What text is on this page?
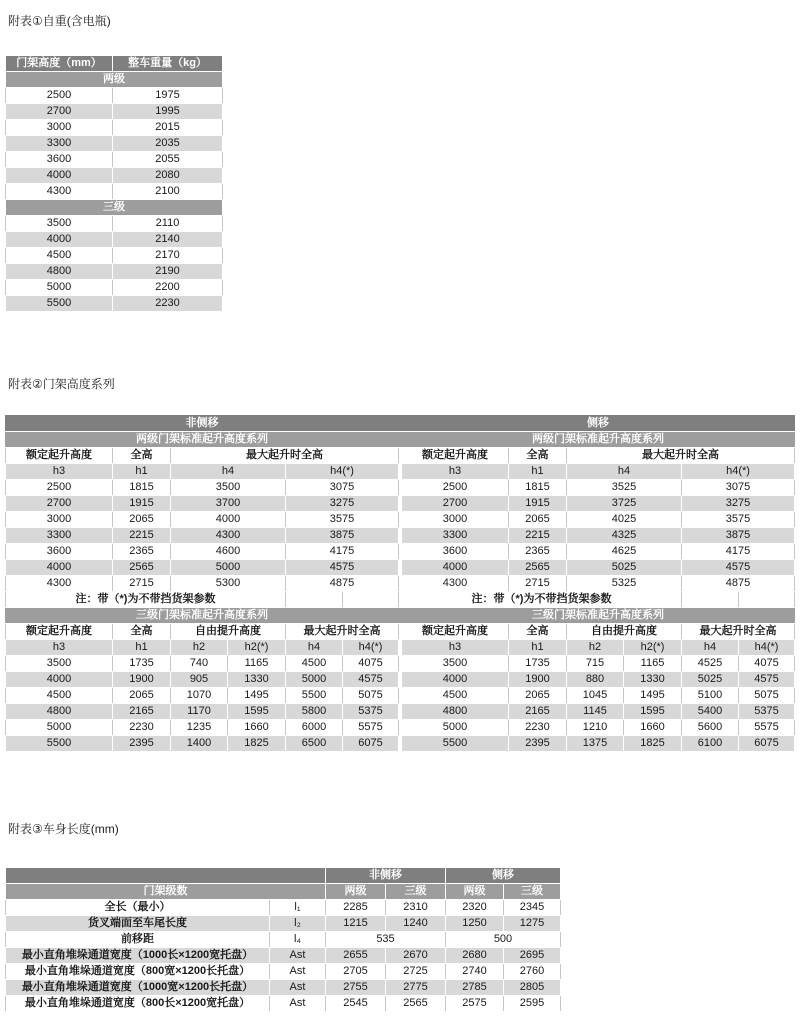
附表①自重(含电瓶)
门架高度（mm）	整车重量（kg）
两级	
2500	1975
2700	1995
3000	2015
3300	2035
3600	2055
4000	2080
4300	2100
三级	
3500	2110
4000	2140
4500	2170
4800	2190
5000	2200
5500	2230
附表②门架高度系列
非侧移							侧移					
两级门架标准起升高度系列							两级门架标准起升高度系列					
额定起升高度	全高	最大起升时全高					额定起升高度	全高	最大起升时全高			
h3	h1	h4		h4(*)			h3	h1	h4		h4(*)	
2500	1815	3500		3075			2500	1815	3525		3075	
2700	1915	3700		3275			2700	1915	3725		3275	
3000	2065	4000		3575			3000	2065	4025		3575	
3300	2215	4300		3875			3300	2215	4325		3875	
3600	2365	4600		4175			3600	2365	4625		4175	
4000	2565	5000		4575			4000	2565	5025		4575	
4300	2715	5300		4875			4300	2715	5325		4875	
注：带（*)为不带挡货架参数							注：带（*)为不带挡货架参数					
三级门架标准起升高度系列							三级门架标准起升高度系列					
额定起升高度	全高	自由提升高度		最大起升时全高			额定起升高度	全高	自由提升高度		最大起升时全高	
h3	h1	h2	h2(*)	h4	h4(*)		h3	h1	h2	h2(*)	h4	h4(*)
3500	1735	740	1165	4500	4075		3500	1735	715	1165	4525	4075
4000	1900	905	1330	5000	4575		4000	1900	880	1330	5025	4575
4500	2065	1070	1495	5500	5075		4500	2065	1045	1495	5100	5075
4800	2165	1170	1595	5800	5375		4800	2165	1145	1595	5400	5375
5000	2230	1235	1660	6000	5575		5000	2230	1210	1660	5600	5575
5500	2395	1400	1825	6500	6075		5500	2395	1375	1825	6100	6075
附表③车身长度(mm)
		非侧移		侧移	
门架级数		两级	三级	两级	三级
全长（最小）	l₁	2285	2310	2320	2345
货叉端面至车尾长度	l₂	1215	1240	1250	1275
前移距	l₄	535		500	
最小直角堆垛通道宽度（1000长×1200宽托盘）	Ast	2655	2670	2680	2695
最小直角堆垛通道宽度（800宽×1200长托盘）	Ast	2705	2725	2740	2760
最小直角堆垛通道宽度（1000宽×1200长托盘）	Ast	2755	2775	2785	2805
最小直角堆垛通道宽度（800长×1200宽托盘）	Ast	2545	2565	2575	2595
